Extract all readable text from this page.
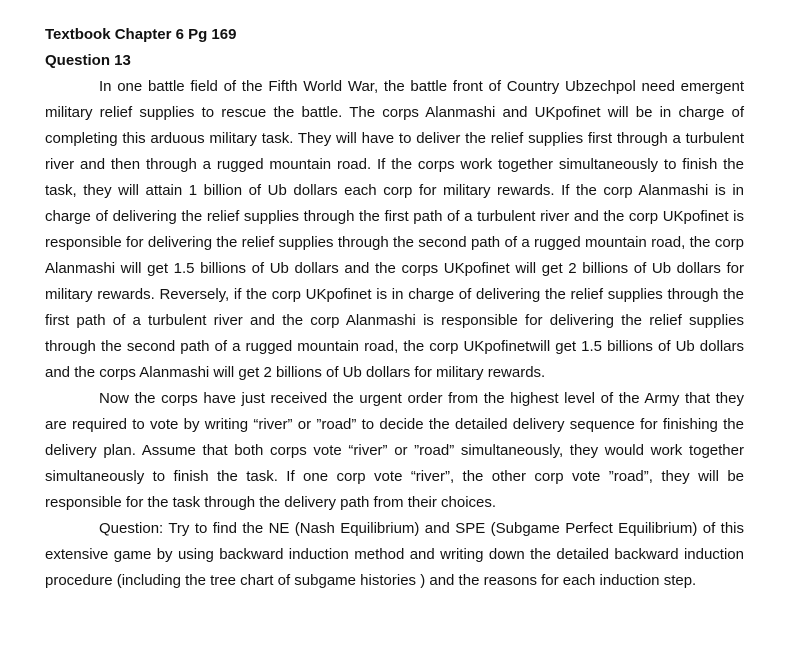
Textbook Chapter 6 Pg 169

Question 13

In one battle field of the Fifth World War, the battle front of Country Ubzechpol need emergent military relief supplies to rescue the battle. The corps Alanmashi and UKpofinet will be in charge of completing this arduous military task. They will have to deliver the relief supplies first through a turbulent river and then through a rugged mountain road. If the corps work together simultaneously to finish the task, they will attain 1 billion of Ub dollars each corp for military rewards. If the corp Alanmashi is in charge of delivering the relief supplies through the first path of a turbulent river and the corp UKpofinet is responsible for delivering the relief supplies through the second path of a rugged mountain road, the corp Alanmashi will get 1.5 billions of Ub dollars and the corps UKpofinet will get 2 billions of Ub dollars for military rewards. Reversely, if the corp UKpofinet is in charge of delivering the relief supplies through the first path of a turbulent river and the corp Alanmashi is responsible for delivering the relief supplies through the second path of a rugged mountain road, the corp UKpofinetwill get 1.5 billions of Ub dollars and the corps Alanmashi will get 2 billions of Ub dollars for military rewards.

Now the corps have just received the urgent order from the highest level of the Army that they are required to vote by writing “river” or ”road” to decide the detailed delivery sequence for finishing the delivery plan. Assume that both corps vote “river” or ”road” simultaneously, they would work together simultaneously to finish the task. If one corp vote “river”, the other corp vote ”road”, they will be responsible for the task through the delivery path from their choices.

Question: Try to find the NE (Nash Equilibrium) and SPE (Subgame Perfect Equilibrium) of this extensive game by using backward induction method and writing down the detailed backward induction procedure (including the tree chart of subgame histories ) and the reasons for each induction step.
